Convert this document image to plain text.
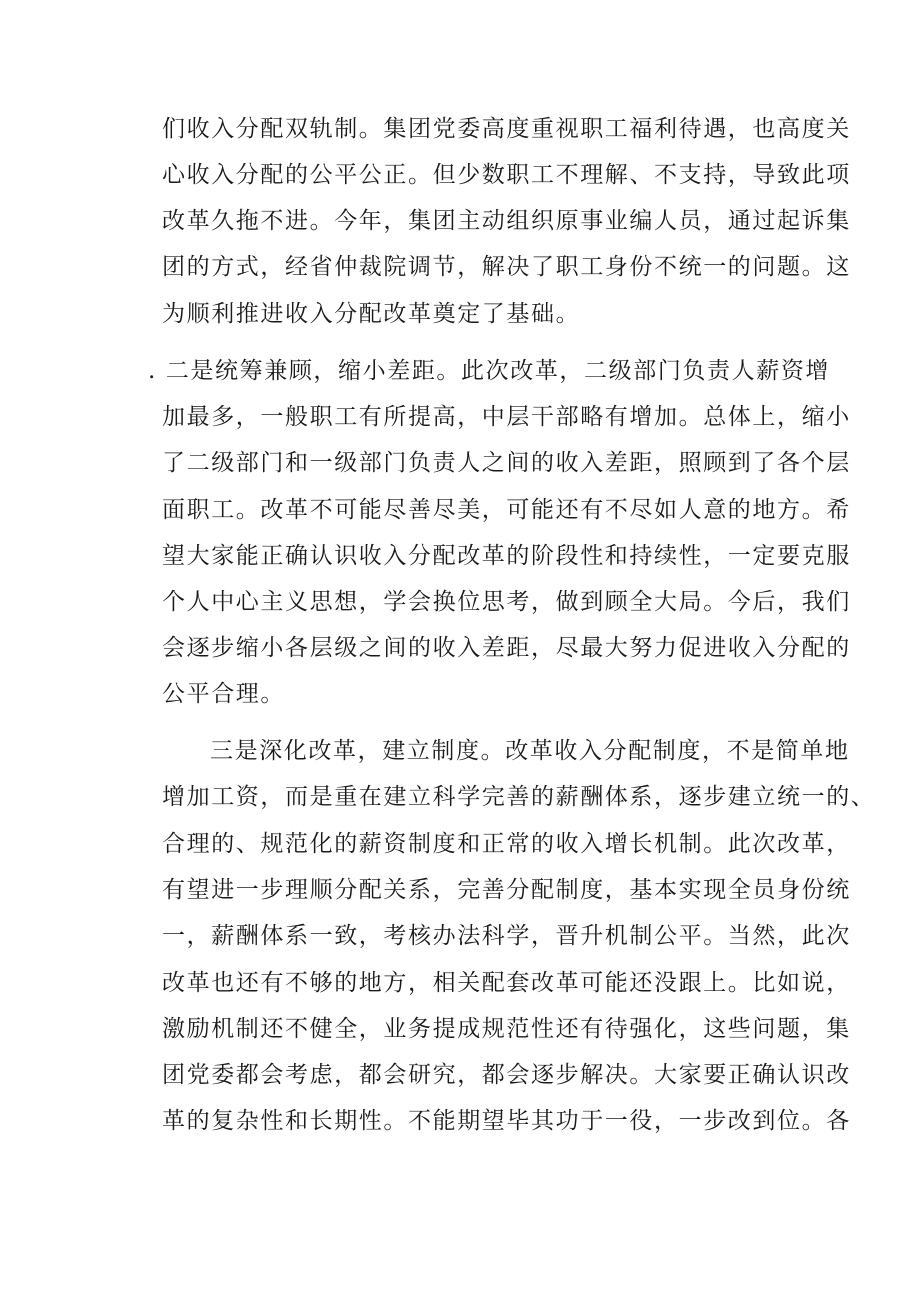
们收入分配双轨制。集团党委高度重视职工福利待遇，也高度关
心收入分配的公平公正。但少数职工不理解、不支持，导致此项
改革久拖不进。今年，集团主动组织原事业编人员，通过起诉集
团的方式，经省仲裁院调节，解决了职工身份不统一的问题。这
为顺利推进收入分配改革奠定了基础。
. 二是统筹兼顾，缩小差距。此次改革，二级部门负责人薪资增
加最多，一般职工有所提高，中层干部略有增加。总体上，缩小
了二级部门和一级部门负责人之间的收入差距，照顾到了各个层
面职工。改革不可能尽善尽美，可能还有不尽如人意的地方。希
望大家能正确认识收入分配改革的阶段性和持续性，一定要克服
个人中心主义思想，学会换位思考，做到顾全大局。今后，我们
会逐步缩小各层级之间的收入差距，尽最大努力促进收入分配的
公平合理。
三是深化改革，建立制度。改革收入分配制度，不是简单地
增加工资，而是重在建立科学完善的薪酬体系，逐步建立统一的、
合理的、规范化的薪资制度和正常的收入增长机制。此次改革，
有望进一步理顺分配关系，完善分配制度，基本实现全员身份统
一，薪酬体系一致，考核办法科学，晋升机制公平。当然，此次
改革也还有不够的地方，相关配套改革可能还没跟上。比如说，
激励机制还不健全，业务提成规范性还有待强化，这些问题，集
团党委都会考虑，都会研究，都会逐步解决。大家要正确认识改
革的复杂性和长期性。不能期望毕其功于一役，一步改到位。各
